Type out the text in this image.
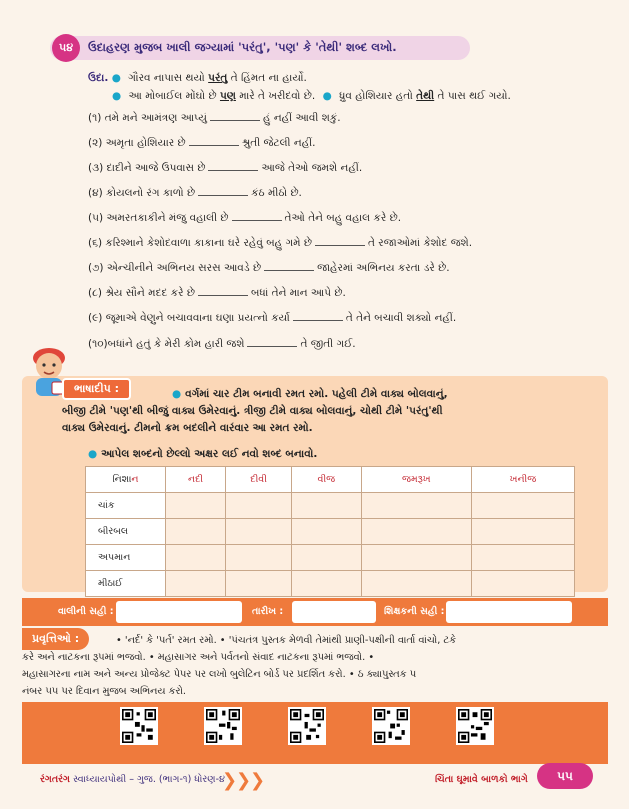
૫૪	ઉદાહરણ મુજબ ખાલી જગ્યામાં 'પરંતુ', 'પણ' કે 'તેથી' શબ્દ લખો.
ઉદા. ● ગૌરવ નાપાસ થયો પરંતુ તે હિંમત ના હાર્યો.
● આ મોબાઈલ મોંઘો છે પણ મારે તે ખરીદવો છે. ● ધ્રુવ હોશિયાર હતો તેથી તે પાસ થઈ ગયો.
(૧) તમે મને આમંત્રણ આપ્યું	હું નહીં આવી શકું.
(૨) અમૃતા હોશિયાર છે	શ્રુતી જેટલી નહીં.
(૩) દાદીને આજે ઉપવાસ છે	આજે તેઓ જમશે નહીં.
(૪) કોયલનો રંગ કાળો છે	કંઠ મીઠો છે.
(૫) અમરતકાકીને મંજુ વહાલી છે	તેઓ તેને બહુ વહાલ કરે છે.
(૬) કરિશ્માને કેશોદવાળા કાકાના ઘરે રહેવું બહુ ગમે છે	તે રજાઓમાં કેશોદ જશે.
(૭) એન્ચીનીને અભિનય સરસ આવડે છે	જાહેરમાં અભિનય કરતા ડરે છે.
(૮) શ્રેય સૌને મદદ કરે છે	બધાં તેને માન આપે છે.
(૯) જૂમાએ વેણુને બચાવવાના ઘણા પ્રયત્નો કર્યા	તે તેને બચાવી શક્યો નહીં.
(૧૦)બધાંને હતું કે મેરી કોમ હારી જશે	તે જીતી ગઈ.
ભાષાદીપ :	● વર્ગમાં ચાર ટીમ બનાવી રમત રમો. પહેલી ટીમે વાક્ય બોલવાનું,
બીજી ટીમે 'પણ'થી બીજું વાક્ય ઉમેરવાનું. ત્રીજી ટીમે વાક્ય બોલવાનું, ચોથી ટીમે 'પરંતુ'થી
વાક્ય ઉમેરવાનું. ટીમનો ક્રમ બદલીને વારંવાર આ રમત રમો.
● આપેલ શબ્દનો છેલ્લો અક્ષર લઈ નવો શબ્દ બનાવો.
નિશાન	નદી	દીવી	વીજ	જમરૂખ	ખનીજ
ચાંક					
બીરબલ					
અપમાન					
મીઠાઈ					
વાલીની સહી :	તારીખ :	શિક્ષકની સહી :
• 'નર્દ' કે 'પર્ત' રમત રમો. • 'પંચતંત્ર પુસ્તક મેળવી તેમાંથી પ્રાણી-પક્ષીની વાર્તા વાંચો, ટકે
કરે અને નાટકના રૂપમાં ભજવો. • મહાસાગર અને પર્વતનો સંવાદ નાટકના રૂપમાં ભજવો. •
મહાસાગરના નામ અને અન્ય પ્રોજેક્ટ પેપર પર લખો બુલેટિન બોર્ડ પર પ્રદર્શિત કરો. • ઠ ક્યાપુસ્તક પ
નંબર ૫૫ પર દિવાન મુજબ અભિનય કરો.
પ્રવૃત્તિઓ :
રંગતરંગ સ્વાધ્યાયપોથી – ગુજ. (ભાગ-૧) ધોરણ-૪
❯
❯
❯	ચિંતા ઘૂમાવે બાળકો ભાગે	૫૫
